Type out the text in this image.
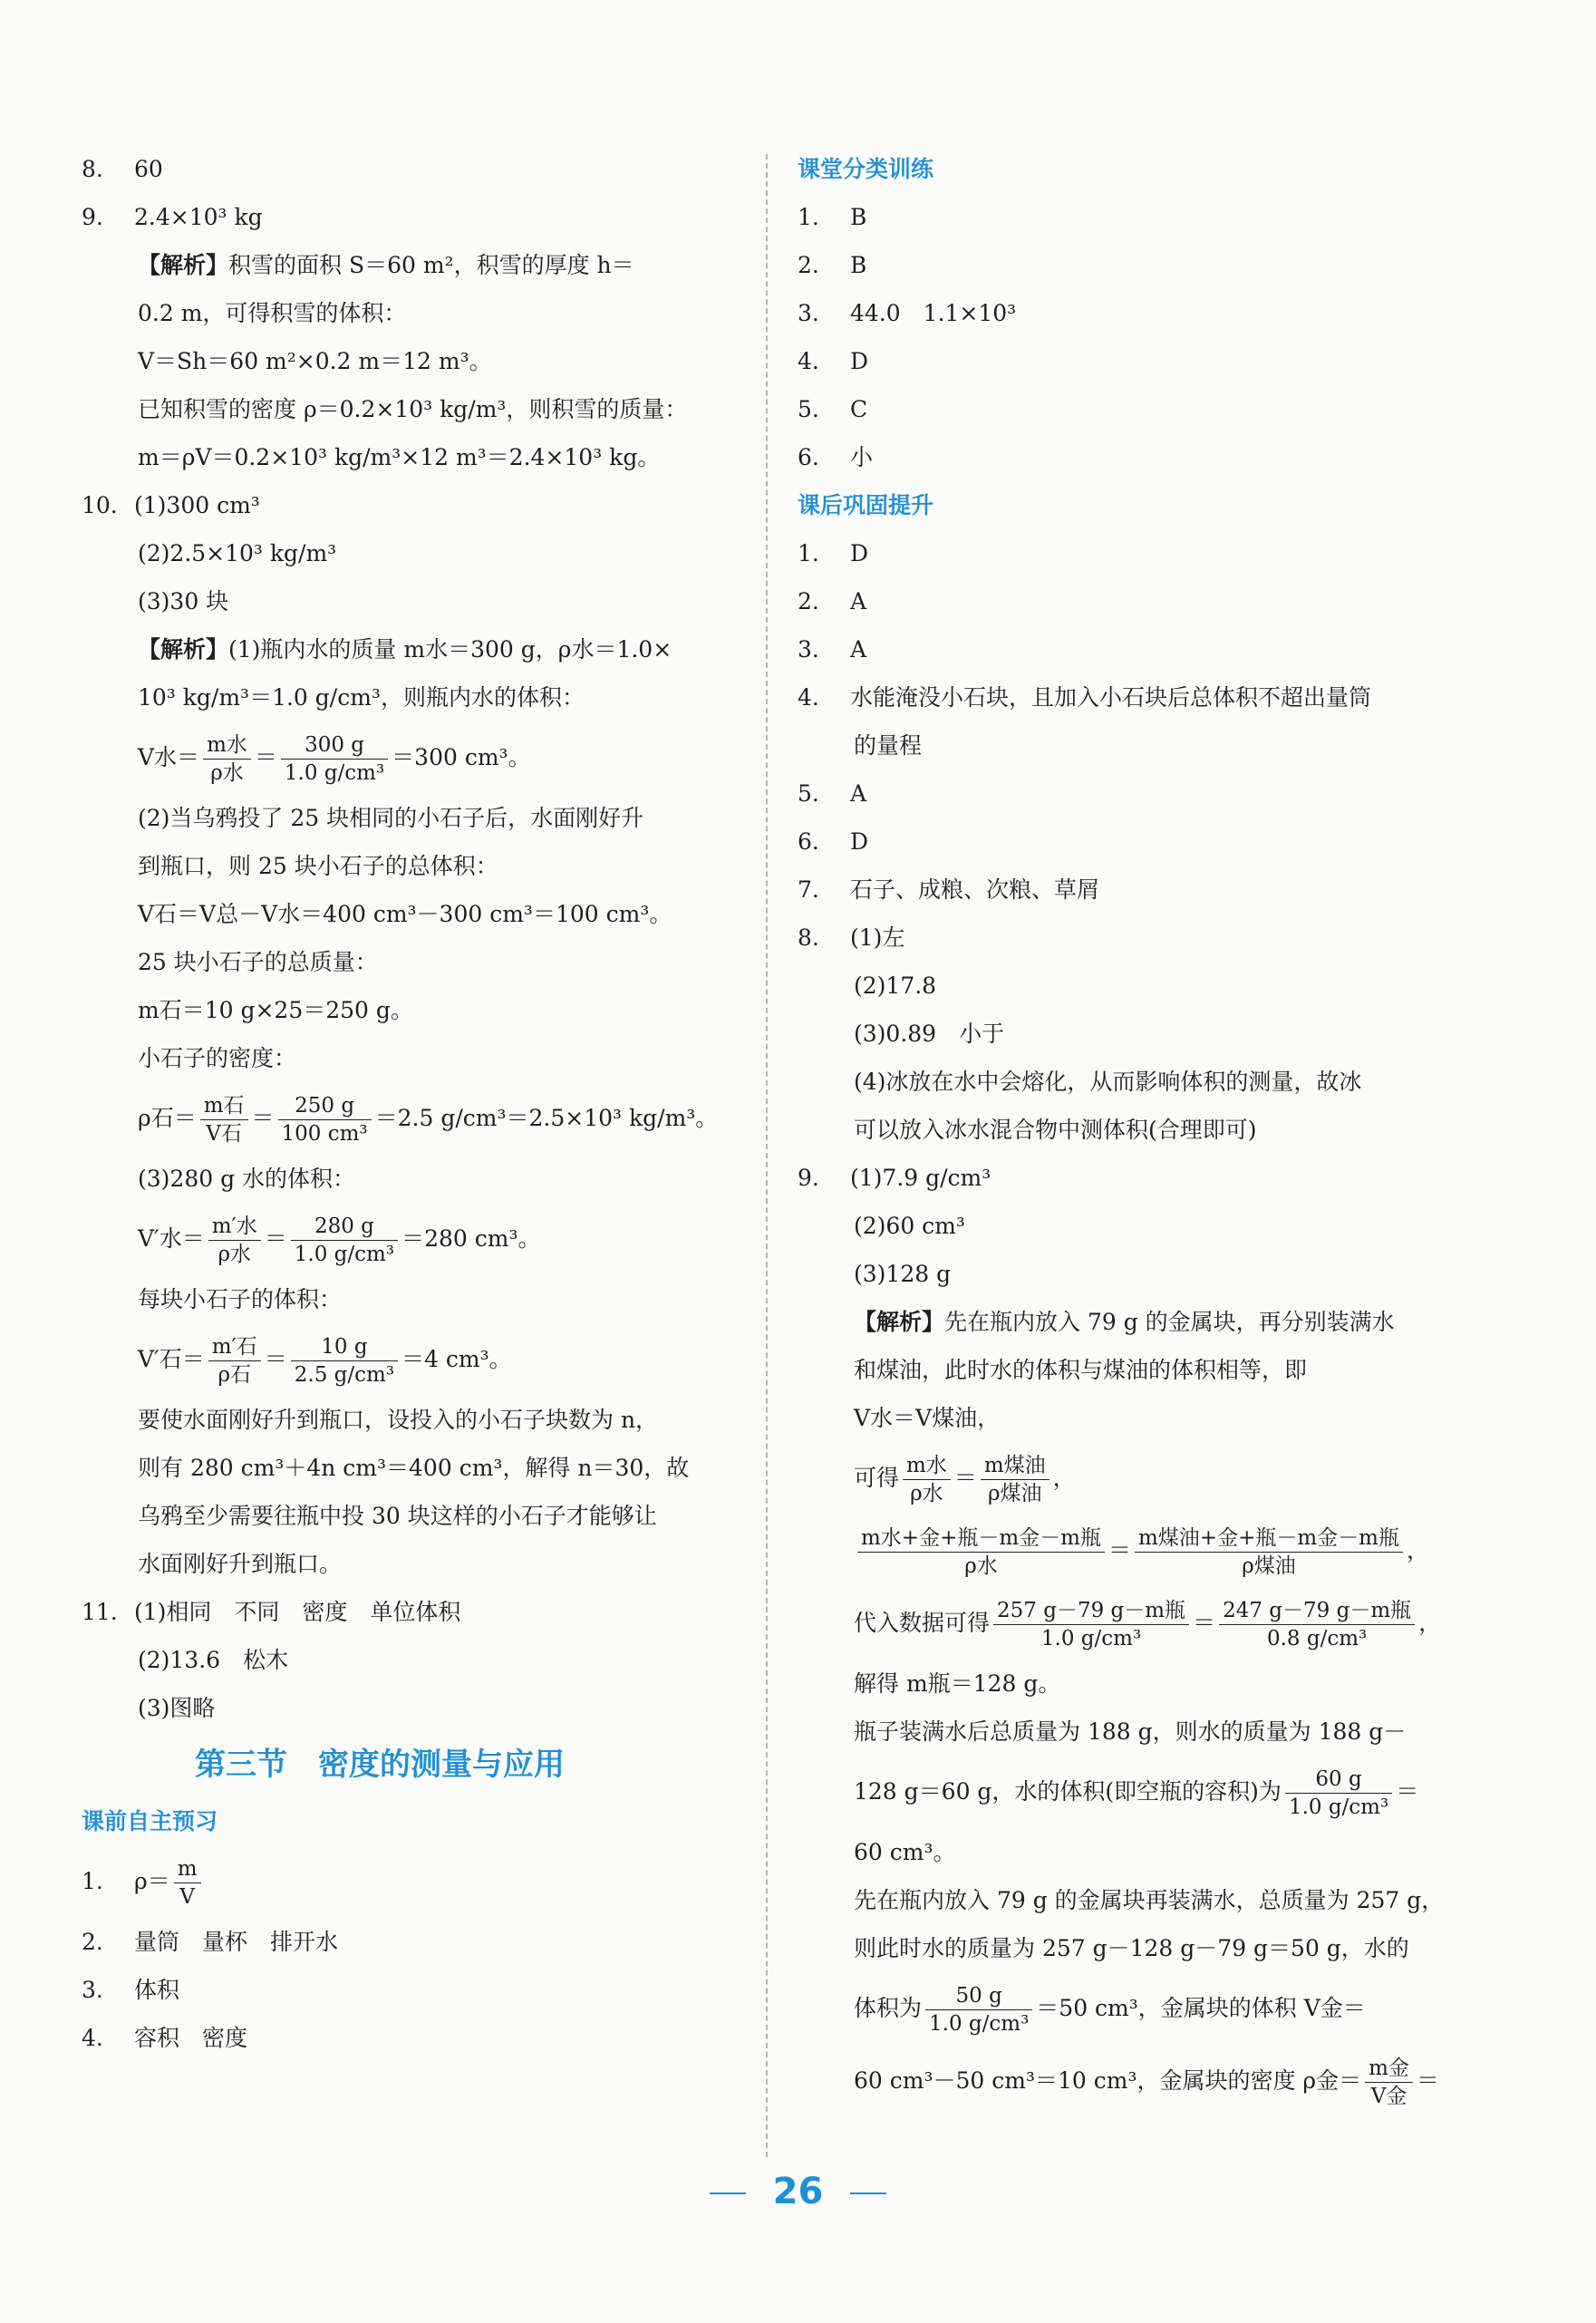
8. 60
9. 2.4×10³ kg
【解析】积雪的面积 S＝60 m²，积雪的厚度 h＝
0.2 m，可得积雪的体积：
V＝Sh＝60 m²×0.2 m＝12 m³。
已知积雪的密度 ρ＝0.2×10³ kg/m³，则积雪的质量：
m＝ρV＝0.2×10³ kg/m³×12 m³＝2.4×10³ kg。
10. (1)300 cm³
(2)2.5×10³ kg/m³
(3)30 块
【解析】(1)瓶内水的质量 m水＝300 g，ρ水＝1.0×
10³ kg/m³＝1.0 g/cm³，则瓶内水的体积：
V水＝ $\frac{\text{m水}}{\text{ρ水}} = \frac{300 g}{\text{1.0 g/cm³}} =300$ cm³。
(2)当乌鸦投了 25 块相同的小石子后，水面刚好升
到瓶口，则 25 块小石子的总体积：
V石＝V总－V水＝400 cm³－300 cm³＝100 cm³。
25 块小石子的总质量：
m石＝10 g×25＝250 g。
小石子的密度：
ρ石＝ $\frac{\text{m石}}{\text{V石}} = \frac{250 g}{\text{100 cm³}} =2.5$ g/cm³＝2.5×10³ kg/m³。
(3)280 g 水的体积：
V′水＝ $\frac{\text{m′水}}{\text{ρ水}} = \frac{280 g}{\text{1.0 g/cm³}} =280$ cm³。
每块小石子的体积：
V′石＝ $\frac{\text{m′石}}{\text{ρ石}} = \frac{10 g}{\text{2.5 g/cm³}} =4$ cm³。
要使水面刚好升到瓶口，设投入的小石子块数为 n，
则有 280 cm³＋4n cm³＝400 cm³，解得 n＝30，故
乌鸦至少需要往瓶中投 30 块这样的小石子才能够让
水面刚好升到瓶口。
11. (1)相同　不同　密度　单位体积
(2)13.6　松木
(3)图略
第三节　密度的测量与应用
课前自主预习
1. $\rho= \frac{m}{V}$
2. 量筒　量杯　排开水
3. 体积
4. 容积　密度
课堂分类训练
1. B
2. B
3. 44.0　1.1×10³
4. D
5. C
6. 小
课后巩固提升
1. D
2. A
3. A
4. 水能淹没小石块，且加入小石块后总体积不超出量筒
的量程
5. A
6. D
7. 石子、成粮、次粮、草屑
8. (1)左
(2)17.8
(3)0.89　小于
(4)冰放在水中会熔化，从而影响体积的测量，故冰
可以放入冰水混合物中测体积(合理即可)
9. (1)7.9 g/cm³
(2)60 cm³
(3)128 g
【解析】先在瓶内放入 79 g 的金属块，再分别装满水
和煤油，此时水的体积与煤油的体积相等，即
V水＝V煤油，
可得 $\frac{\text{m水}}{\text{ρ水}} = \frac{\text{m煤油}}{\text{ρ煤油}}$ ，
$\frac{\text{m水+金+瓶－m金－m瓶}}{\text{ρ水}} = \frac{\text{m煤油+金+瓶－m金－m瓶}}{\text{ρ煤油}}$ ，
代入数据可得 $\frac{\text{257 g－79 g－m瓶}}{\text{1.0 g/cm³}} = \frac{\text{247 g－79 g－m瓶}}{\text{0.8 g/cm³}}$ ，
解得 m瓶＝128 g。
瓶子装满水后总质量为 188 g，则水的质量为 188 g－
128 g＝60 g，水的体积(即空瓶的容积)为 $\frac{60 g}{\text{1.0 g/cm³}}$ ＝
60 cm³。
先在瓶内放入 79 g 的金属块再装满水，总质量为 257 g，
则此时水的质量为 257 g－128 g－79 g＝50 g，水的
体积为 $\frac{50 g}{\text{1.0 g/cm³}} =50$ cm³，金属块的体积 V金＝
60 cm³－50 cm³＝10 cm³，金属块的密度 ρ金＝ $\frac{\text{m金}}{\text{V金}}$ ＝
26
